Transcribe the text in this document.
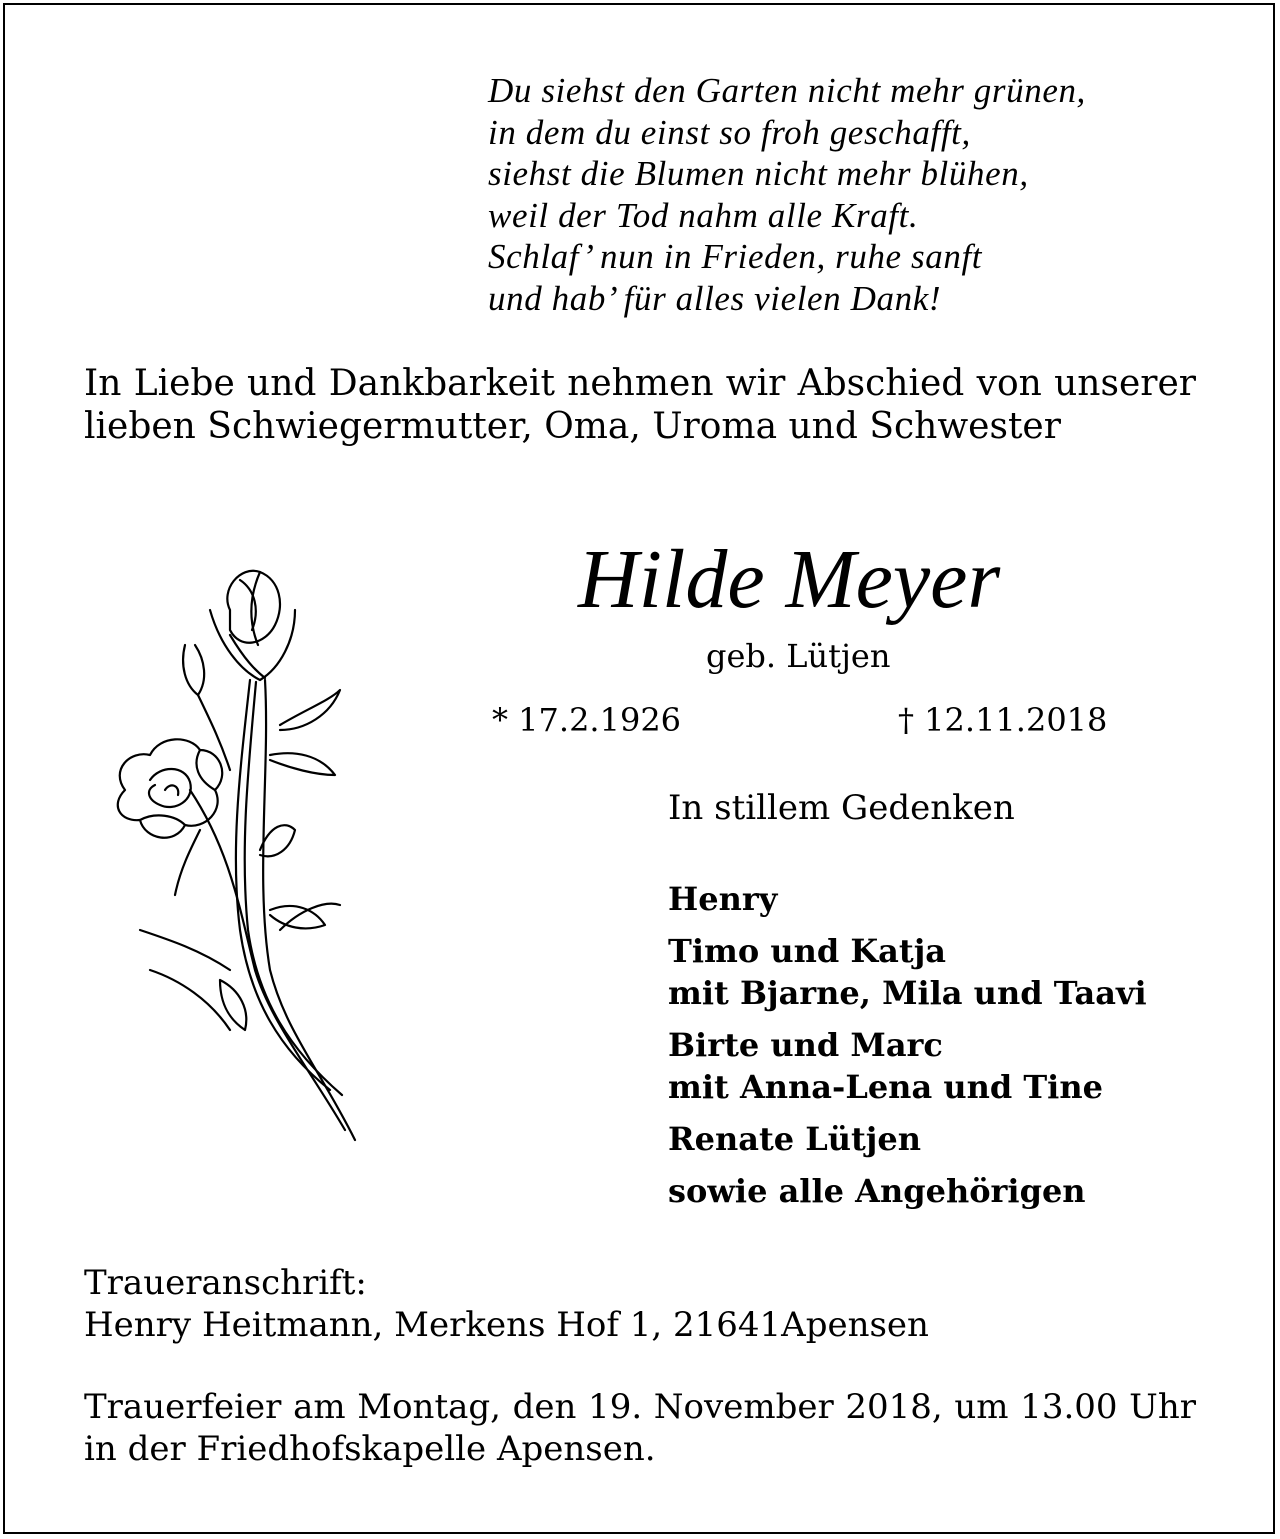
Du siehst den Garten nicht mehr grünen,
in dem du einst so froh geschafft,
siehst die Blumen nicht mehr blühen,
weil der Tod nahm alle Kraft.
Schlaf’ nun in Frieden, ruhe sanft
und hab’ für alles vielen Dank!
In Liebe und Dankbarkeit nehmen wir Abschied von unserer lieben Schwiegermutter, Oma, Uroma und Schwester
Hilde Meyer
geb. Lütjen
* 17.2.1926	† 12.11.2018
In stillem Gedenken
Henry
Timo und Katja
mit Bjarne, Mila und Taavi
Birte und Marc
mit Anna-Lena und Tine
Renate Lütjen
sowie alle Angehörigen
Traueranschrift:
Henry Heitmann, Merkens Hof 1, 21641Apensen
Trauerfeier am Montag, den 19. November 2018, um 13.00 Uhr in der Friedhofskapelle Apensen.
